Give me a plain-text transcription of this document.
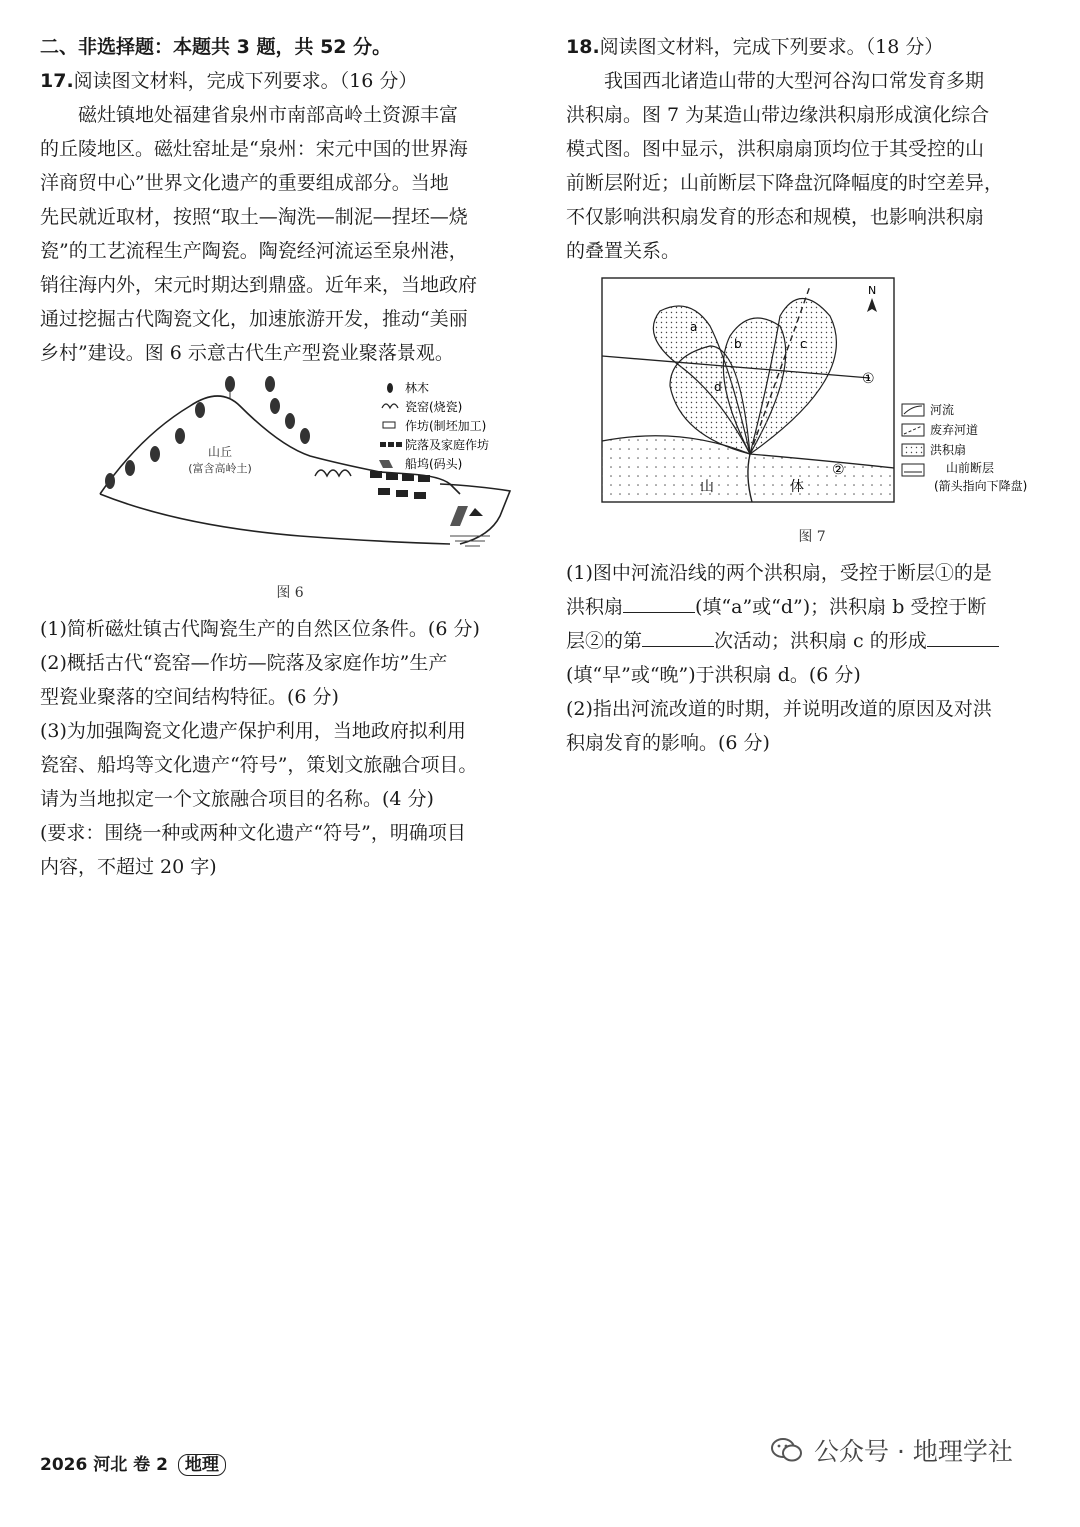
二、非选择题：本题共 3 题，共 52 分。
17.阅读图文材料，完成下列要求。（16 分）
磁灶镇地处福建省泉州市南部高岭土资源丰富
的丘陵地区。磁灶窑址是“泉州：宋元中国的世界海
洋商贸中心”世界文化遗产的重要组成部分。当地
先民就近取材，按照“取土—淘洗—制泥—捏坯—烧
瓷”的工艺流程生产陶瓷。陶瓷经河流运至泉州港，
销往海内外，宋元时期达到鼎盛。近年来，当地政府
通过挖掘古代陶瓷文化，加速旅游开发，推动“美丽
乡村”建设。图 6 示意古代生产型瓷业聚落景观。
山丘
(富含高岭土)
林木
瓷窑(烧瓷)
作坊(制坯加工)
院落及家庭作坊
船坞(码头)
图 6
(1)简析磁灶镇古代陶瓷生产的自然区位条件。(6 分)
(2)概括古代“瓷窑—作坊—院落及家庭作坊”生产
型瓷业聚落的空间结构特征。(6 分)
(3)为加强陶瓷文化遗产保护利用，当地政府拟利用
瓷窑、船坞等文化遗产“符号”，策划文旅融合项目。
请为当地拟定一个文旅融合项目的名称。(4 分)
(要求：围绕一种或两种文化遗产“符号”，明确项目
内容，不超过 20 字)
18.阅读图文材料，完成下列要求。（18 分）
我国西北诸造山带的大型河谷沟口常发育多期
洪积扇。图 7 为某造山带边缘洪积扇形成演化综合
模式图。图中显示，洪积扇扇顶均位于其受控的山
前断层附近；山前断层下降盘沉降幅度的时空差异，
不仅影响洪积扇发育的形态和规模，也影响洪积扇
的叠置关系。
a
b	c
d	①
②
山	体
N
河流
废弃河道
洪积扇
山前断层
(箭头指向下降盘)
图 7
(1)图中河流沿线的两个洪积扇，受控于断层①的是
洪积扇	(填“a”或“d”)；洪积扇 b 受控于断
层②的第	次活动；洪积扇 c 的形成
(填“早”或“晚”)于洪积扇 d。(6 分)
(2)指出河流改道的时期，并说明改道的原因及对洪
积扇发育的影响。(6 分)
2026 河北 卷 2 地理	公众号 · 地理学社
